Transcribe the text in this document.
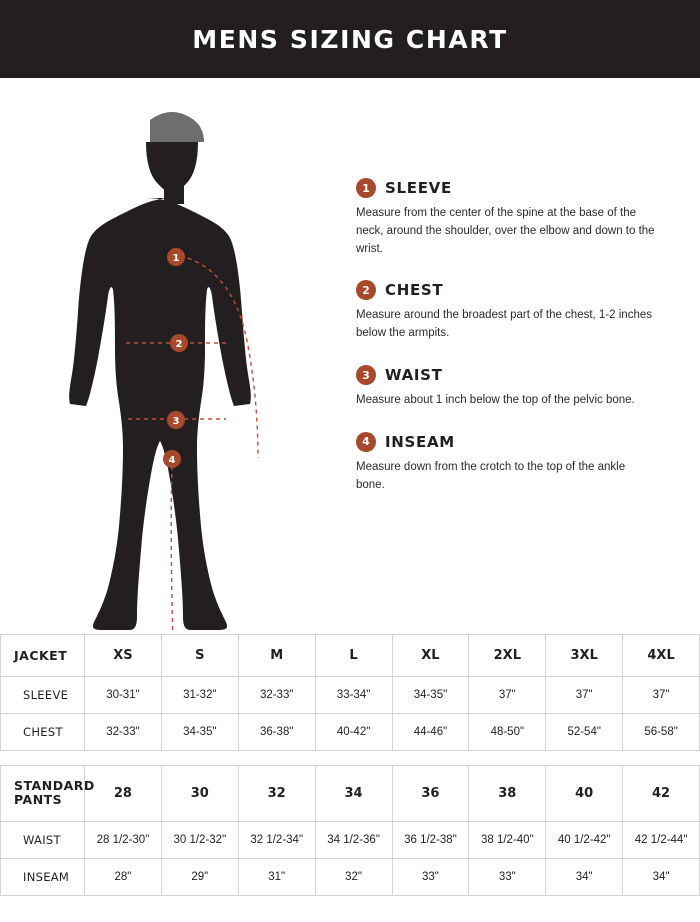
MENS SIZING CHART
1
2
3
4
1	SLEEVE
Measure from the center of the spine at the base of the neck, around the shoulder, over the elbow and down to the wrist.
2	CHEST
Measure around the broadest part of the chest, 1-2 inches below the armpits.
3	WAIST
Measure about 1 inch below the top of the pelvic bone.
4	INSEAM
Measure down from the crotch to the top of the ankle bone.
JACKET	XS	S	M	L	XL	2XL	3XL	4XL
SLEEVE	30-31"	31-32"	32-33"	33-34"	34-35"	37"	37"	37"
CHEST	32-33"	34-35"	36-38"	40-42"	44-46"	48-50"	52-54"	56-58"
STANDARD PANTS	28	30	32	34	36	38	40	42
WAIST	28 1/2-30"	30 1/2-32"	32 1/2-34"	34 1/2-36"	36 1/2-38"	38 1/2-40"	40 1/2-42"	42 1/2-44"
INSEAM	28"	29"	31"	32"	33"	33"	34"	34"
